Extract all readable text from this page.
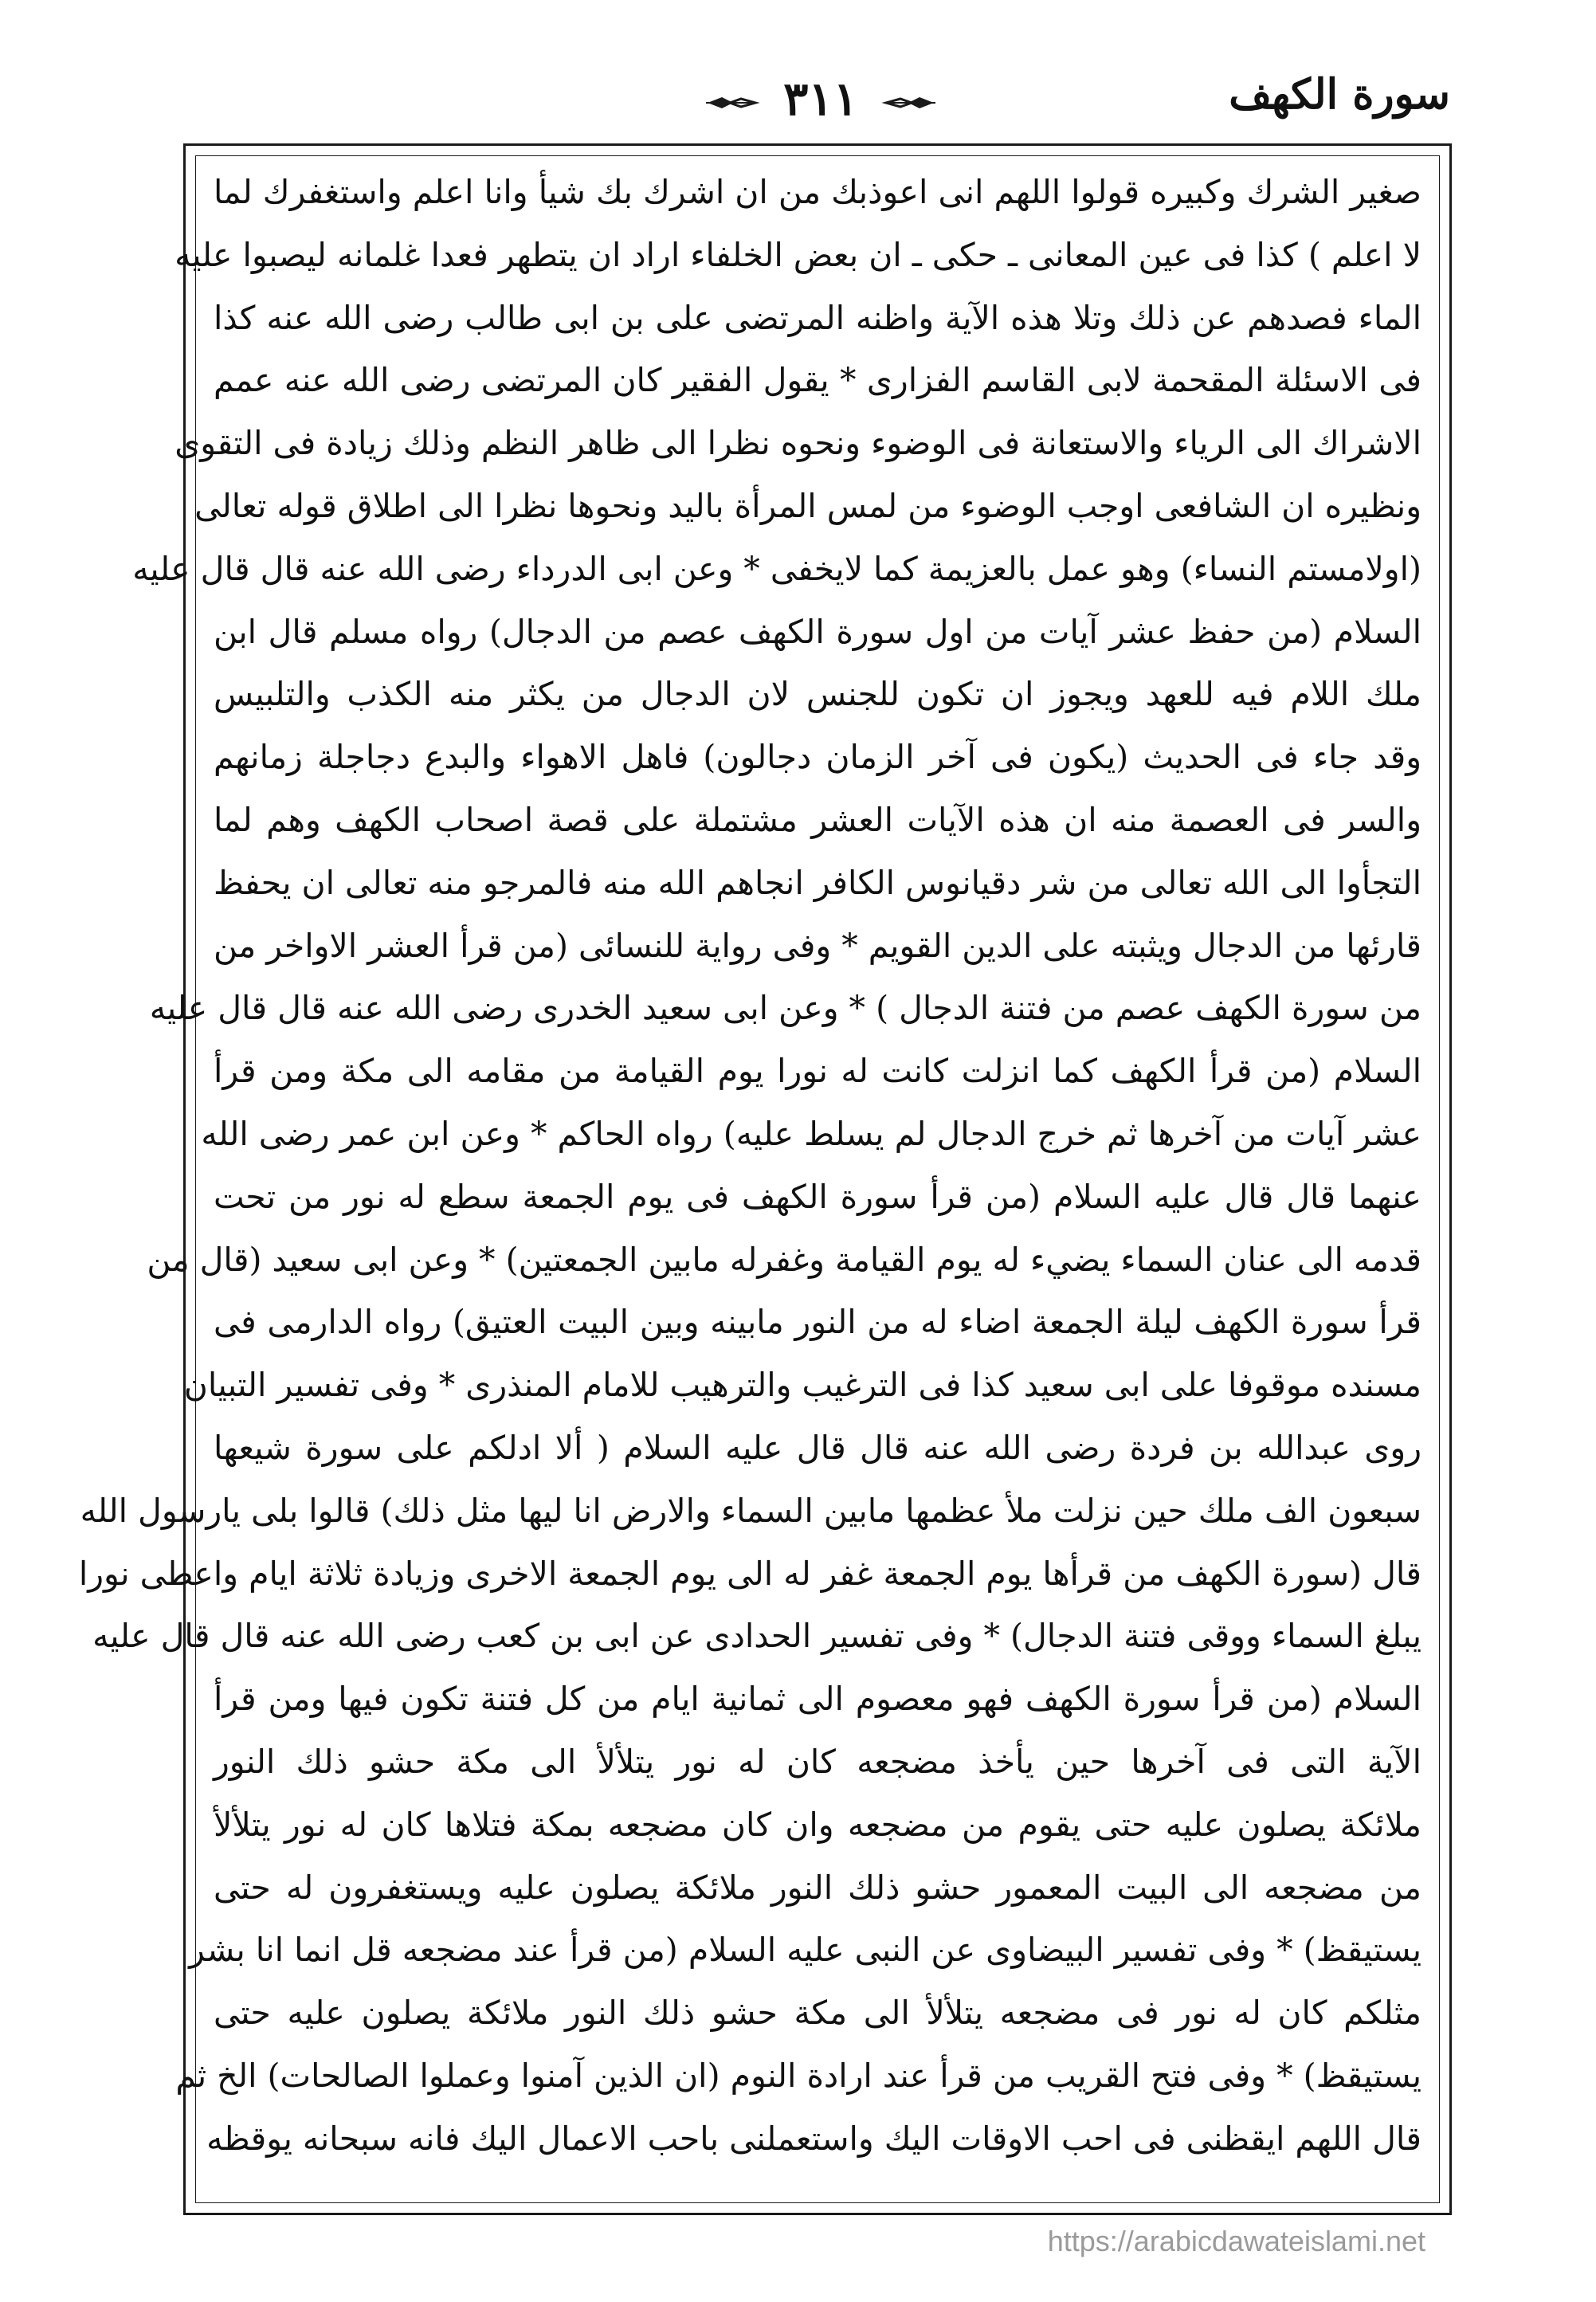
سورة الكهف
٣١١
صغير الشرك وكبيره قولوا اللهم انى اعوذبك من ان اشرك بك شيأ وانا اعلم واستغفرك لما
لا اعلم ) كذا فى عين المعانى ـ حكى ـ ان بعض الخلفاء اراد ان يتطهر فعدا غلمانه ليصبوا عليه
الماء فصدهم عن ذلك وتلا هذه الآية واظنه المرتضى على بن ابى طالب رضى الله عنه كذا
فى الاسئلة المقحمة لابى القاسم الفزارى * يقول الفقير كان المرتضى رضى الله عنه عمم
الاشراك الى الرياء والاستعانة فى الوضوء ونحوه نظرا الى ظاهر النظم وذلك زيادة فى التقوى
ونظيره ان الشافعى اوجب الوضوء من لمس المرأة باليد ونحوها نظرا الى اطلاق قوله تعالى
(اولامستم النساء) وهو عمل بالعزيمة كما لايخفى * وعن ابى الدرداء رضى الله عنه قال قال عليه
السلام (من حفظ عشر آيات من اول سورة الكهف عصم من الدجال) رواه مسلم قال ابن
ملك اللام فيه للعهد ويجوز ان تكون للجنس لان الدجال من يكثر منه الكذب والتلبيس
وقد جاء فى الحديث (يكون فى آخر الزمان دجالون) فاهل الاهواء والبدع دجاجلة زمانهم
والسر فى العصمة منه ان هذه الآيات العشر مشتملة على قصة اصحاب الكهف وهم لما
التجأوا الى الله تعالى من شر دقيانوس الكافر انجاهم الله منه فالمرجو منه تعالى ان يحفظ
قارئها من الدجال ويثبته على الدين القويم * وفى رواية للنسائى (من قرأ العشر الاواخر من
من سورة الكهف عصم من فتنة الدجال ) * وعن ابى سعيد الخدرى رضى الله عنه قال قال عليه
السلام (من قرأ الكهف كما انزلت كانت له نورا يوم القيامة من مقامه الى مكة ومن قرأ
عشر آيات من آخرها ثم خرج الدجال لم يسلط عليه) رواه الحاكم * وعن ابن عمر رضى الله
عنهما قال قال عليه السلام (من قرأ سورة الكهف فى يوم الجمعة سطع له نور من تحت
قدمه الى عنان السماء يضيء له يوم القيامة وغفرله مابين الجمعتين) * وعن ابى سعيد (قال من
قرأ سورة الكهف ليلة الجمعة اضاء له من النور مابينه وبين البيت العتيق) رواه الدارمى فى
مسنده موقوفا على ابى سعيد كذا فى الترغيب والترهيب للامام المنذرى * وفى تفسير التبيان
روى عبدالله بن فردة رضى الله عنه قال قال عليه السلام ( ألا ادلكم على سورة شيعها
سبعون الف ملك حين نزلت ملأ عظمها مابين السماء والارض انا ليها مثل ذلك) قالوا بلى يارسول الله
قال (سورة الكهف من قرأها يوم الجمعة غفر له الى يوم الجمعة الاخرى وزيادة ثلاثة ايام واعطى نورا
يبلغ السماء ووقى فتنة الدجال) * وفى تفسير الحدادى عن ابى بن كعب رضى الله عنه قال قال عليه
السلام (من قرأ سورة الكهف فهو معصوم الى ثمانية ايام من كل فتنة تكون فيها ومن قرأ
الآية التى فى آخرها حين يأخذ مضجعه كان له نور يتلألأ الى مكة حشو ذلك النور
ملائكة يصلون عليه حتى يقوم من مضجعه وان كان مضجعه بمكة فتلاها كان له نور يتلألأ
من مضجعه الى البيت المعمور حشو ذلك النور ملائكة يصلون عليه ويستغفرون له حتى
يستيقظ) * وفى تفسير البيضاوى عن النبى عليه السلام (من قرأ عند مضجعه قل انما انا بشر
مثلكم كان له نور فى مضجعه يتلألأ الى مكة حشو ذلك النور ملائكة يصلون عليه حتى
يستيقظ) * وفى فتح القريب من قرأ عند ارادة النوم (ان الذين آمنوا وعملوا الصالحات) الخ ثم
قال اللهم ايقظنى فى احب الاوقات اليك واستعملنى باحب الاعمال اليك فانه سبحانه يوقظه
https://arabicdawateislami.net
